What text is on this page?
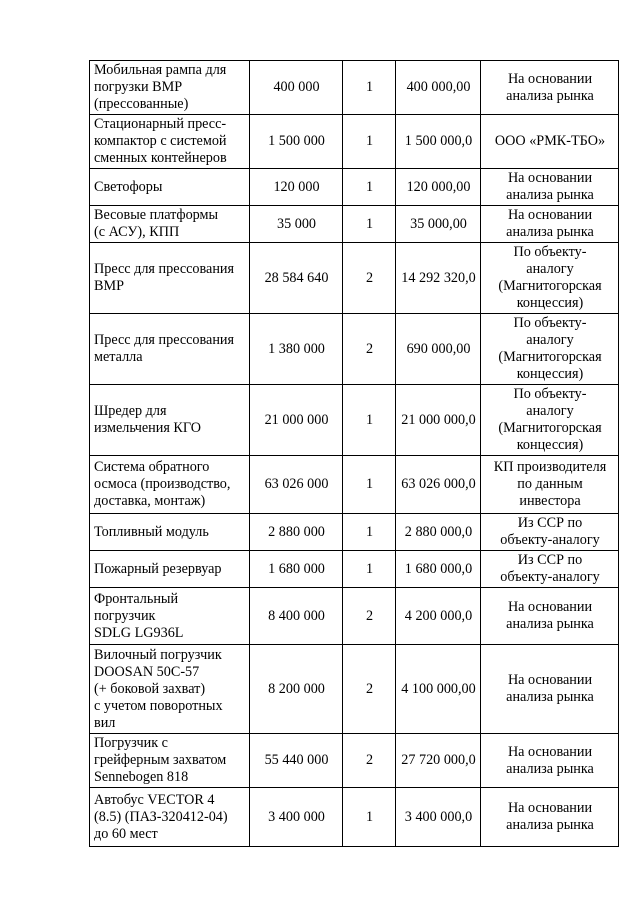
Мобильная рампа для
погрузки ВМР
(прессованные)	400 000	1	400 000,00	На основании
анализа рынка

Стационарный пресс-
компактор с системой
сменных контейнеров	1 500 000	1	1 500 000,0	ООО «РМК-ТБО»

Светофоры	120 000	1	120 000,00	На основании
анализа рынка

Весовые платформы
(с АСУ), КПП	35 000	1	35 000,00	На основании
анализа рынка

Пресс для прессования
ВМР	28 584 640	2	14 292 320,0	По объекту-
аналогу
(Магнитогорская
концессия)

Пресс для прессования
металла	1 380 000	2	690 000,00	По объекту-
аналогу
(Магнитогорская
концессия)

Шредер для
измельчения КГО	21 000 000	1	21 000 000,0	По объекту-
аналогу
(Магнитогорская
концессия)

Система обратного
осмоса (производство,
доставка, монтаж)	63 026 000	1	63 026 000,0	КП производителя
по данным
инвестора

Топливный модуль	2 880 000	1	2 880 000,0	Из ССР по
объекту-аналогу

Пожарный резервуар	1 680 000	1	1 680 000,0	Из ССР по
объекту-аналогу

Фронтальный
погрузчик
SDLG LG936L	8 400 000	2	4 200 000,0	На основании
анализа рынка

Вилочный погрузчик
DOOSAN 50C-57
(+ боковой захват)
с учетом поворотных
вил	8 200 000	2	4 100 000,00	На основании
анализа рынка

Погрузчик с
грейферным захватом
Sennebogen 818	55 440 000	2	27 720 000,0	На основании
анализа рынка

Автобус VECTOR 4
(8.5) (ПАЗ-320412-04)
до 60 мест	3 400 000	1	3 400 000,0	На основании
анализа рынка
